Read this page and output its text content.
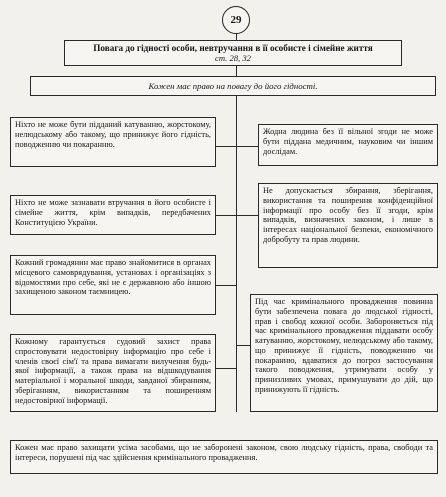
29
Повага до гідності особи, невтручання в її особисте і сімейне життя
ст. 28, 32
Кожен має право на повагу до його гідності.
Ніхто не може бути підданий катуванню, жорстокому, нелюдському або такому, що принижує його гідність, поводженню чи покаранню.
Ніхто не може зазнавати втручання в його особисте і сімейне життя, крім випадків, передбачених Конституцією України.
Кожний громадянин має право знайомитися в органах місцевого самоврядування, установах і організаціях з відомостями про себе, які не є державною або іншою захищеною законом таємницею.
Кожному гарантується судовий захист права спростовувати недостовірну інформацію про себе і членів своєї сім'ї та права вимагати вилучення будь-якої інформації, а також права на відшкодування матеріальної і моральної шкоди, завданої збиранням, зберіганням, використанням та поширенням недостовірної інформації.
Жодна людина без її вільної згоди не може бути піддана медичним, науковим чи іншим дослідам.
Не допускається збирання, зберігання, використання та поширення конфіденційної інформації про особу без її згоди, крім випадків, визначених законом, і лише в інтересах національної безпеки, економічного добробуту та прав людини.
Під час кримінального провадження повинна бути забезпечена повага до людської гідності, прав і свобод кожної особи. Забороняється під час кримінального провадження піддавати особу катуванню, жорстокому, нелюдському або такому, що принижує її гідність, поводженню чи покаранню, вдаватися до погроз застосування такого поводження, утримувати особу у принизливих умовах, примушувати до дій, що принижують її гідність.
Кожен має право захищати усіма засобами, що не заборонені законом, свою людську гідність, права, свободи та інтереси, порушені під час здійснення кримінального провадження.
